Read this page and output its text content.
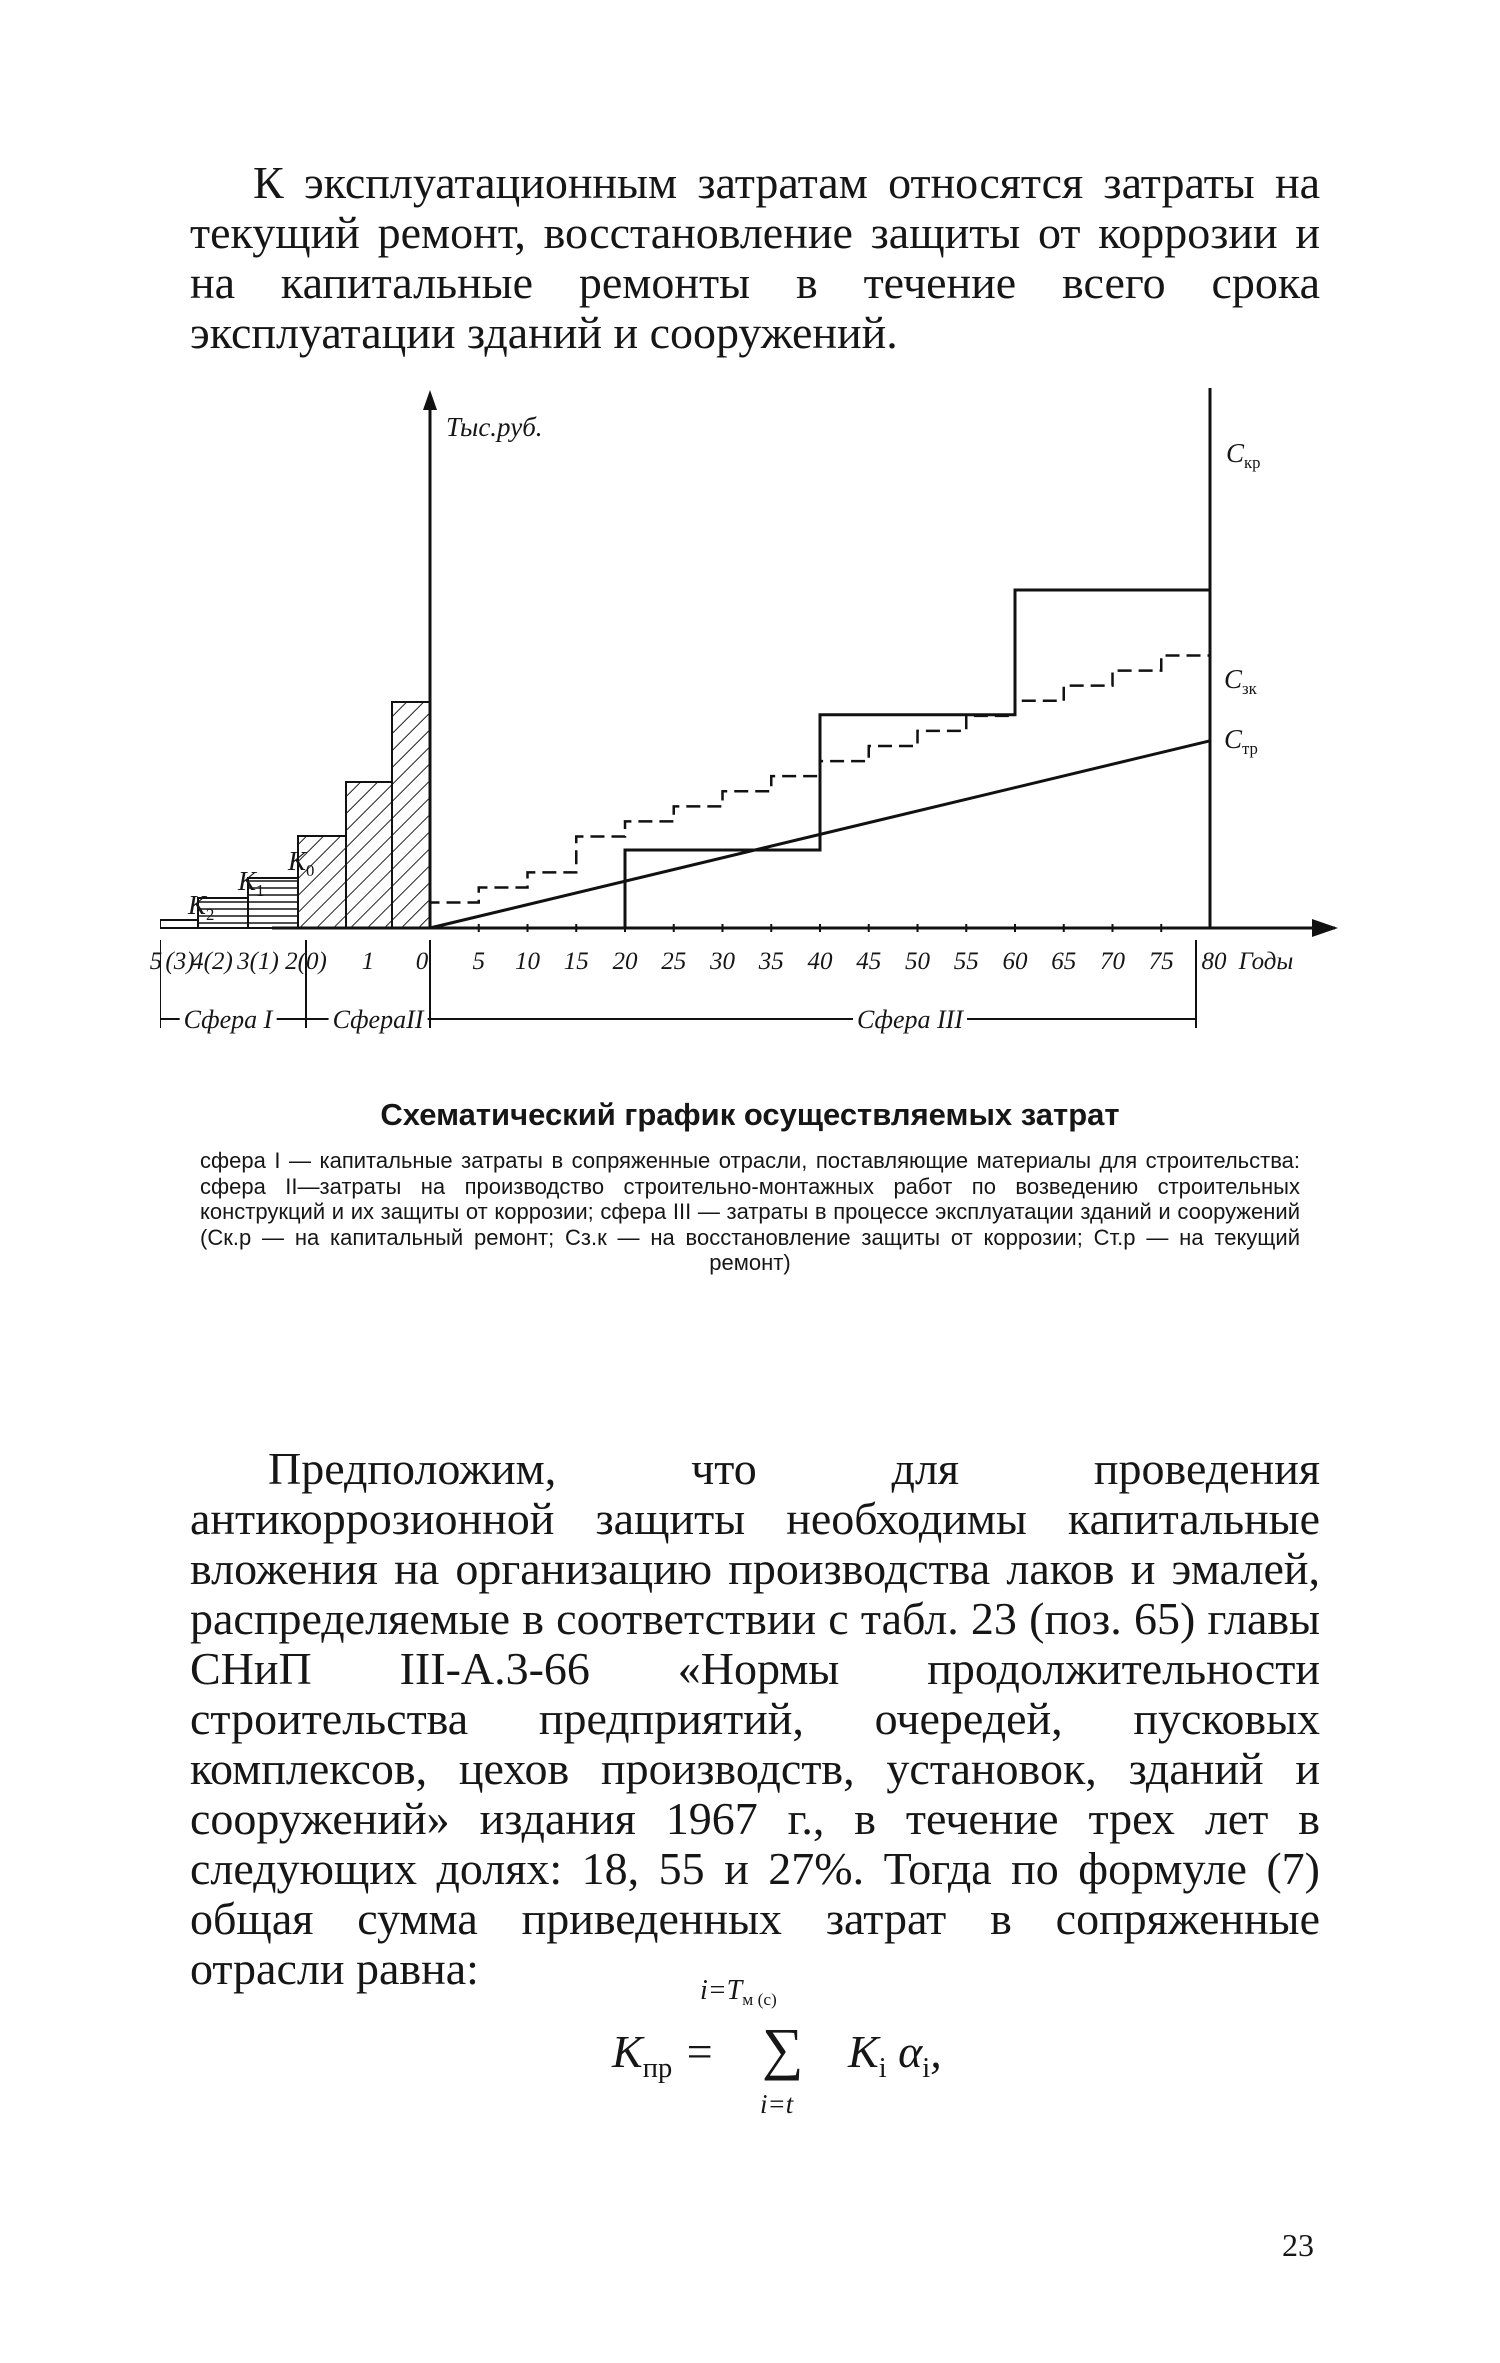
К эксплуатационным затратам относятся затраты на текущий ремонт, восстановление защиты от коррозии и на капитальные ремонты в течение всего срока эксплуатации зданий и сооружений.

Тыс.руб.
$K_2$
$K_1$
$K_0$
$C_{кр}$
$C_{зк}$
$C_{тр}$
5 (3)
4(2) 3(1) 2(0) 1 0 5 10 15 20 25 30 35 40 45 50 55 60 65 70 75 80 Годы
Сфера I СфераII	Сфера III

Схематический график осуществляемых затрат

сфера I — капитальные затраты в сопряженные отрасли, поставляющие материалы для строительства: сфера II—затраты на производство строительно-монтажных работ по возведению строительных конструкций и их защиты от коррозии; сфера III — затраты в процессе эксплуатации зданий и сооружений (Cк.р — на капитальный ремонт; Cз.к — на восстановление защиты от коррозии; Cт.р — на текущий ремонт)

Предположим, что для проведения антикоррозионной защиты необходимы капитальные вложения на организацию производства лаков и эмалей, распределяемые в соответствии с табл. 23 (поз. 65) главы СНиП III-А.3-66 «Нормы продолжительности строительства предприятий, очередей, пусковых комплексов, цехов производств, установок, зданий и сооружений» издания 1967 г., в течение трех лет в следующих долях: 18, 55 и 27%. Тогда по формуле (7) общая сумма приведенных затрат в сопряженные отрасли равна:	$i=T_{м (с)}$
$K_{пр}$ = ∑ $K_i$ $\alpha_i$,
i=t
23
